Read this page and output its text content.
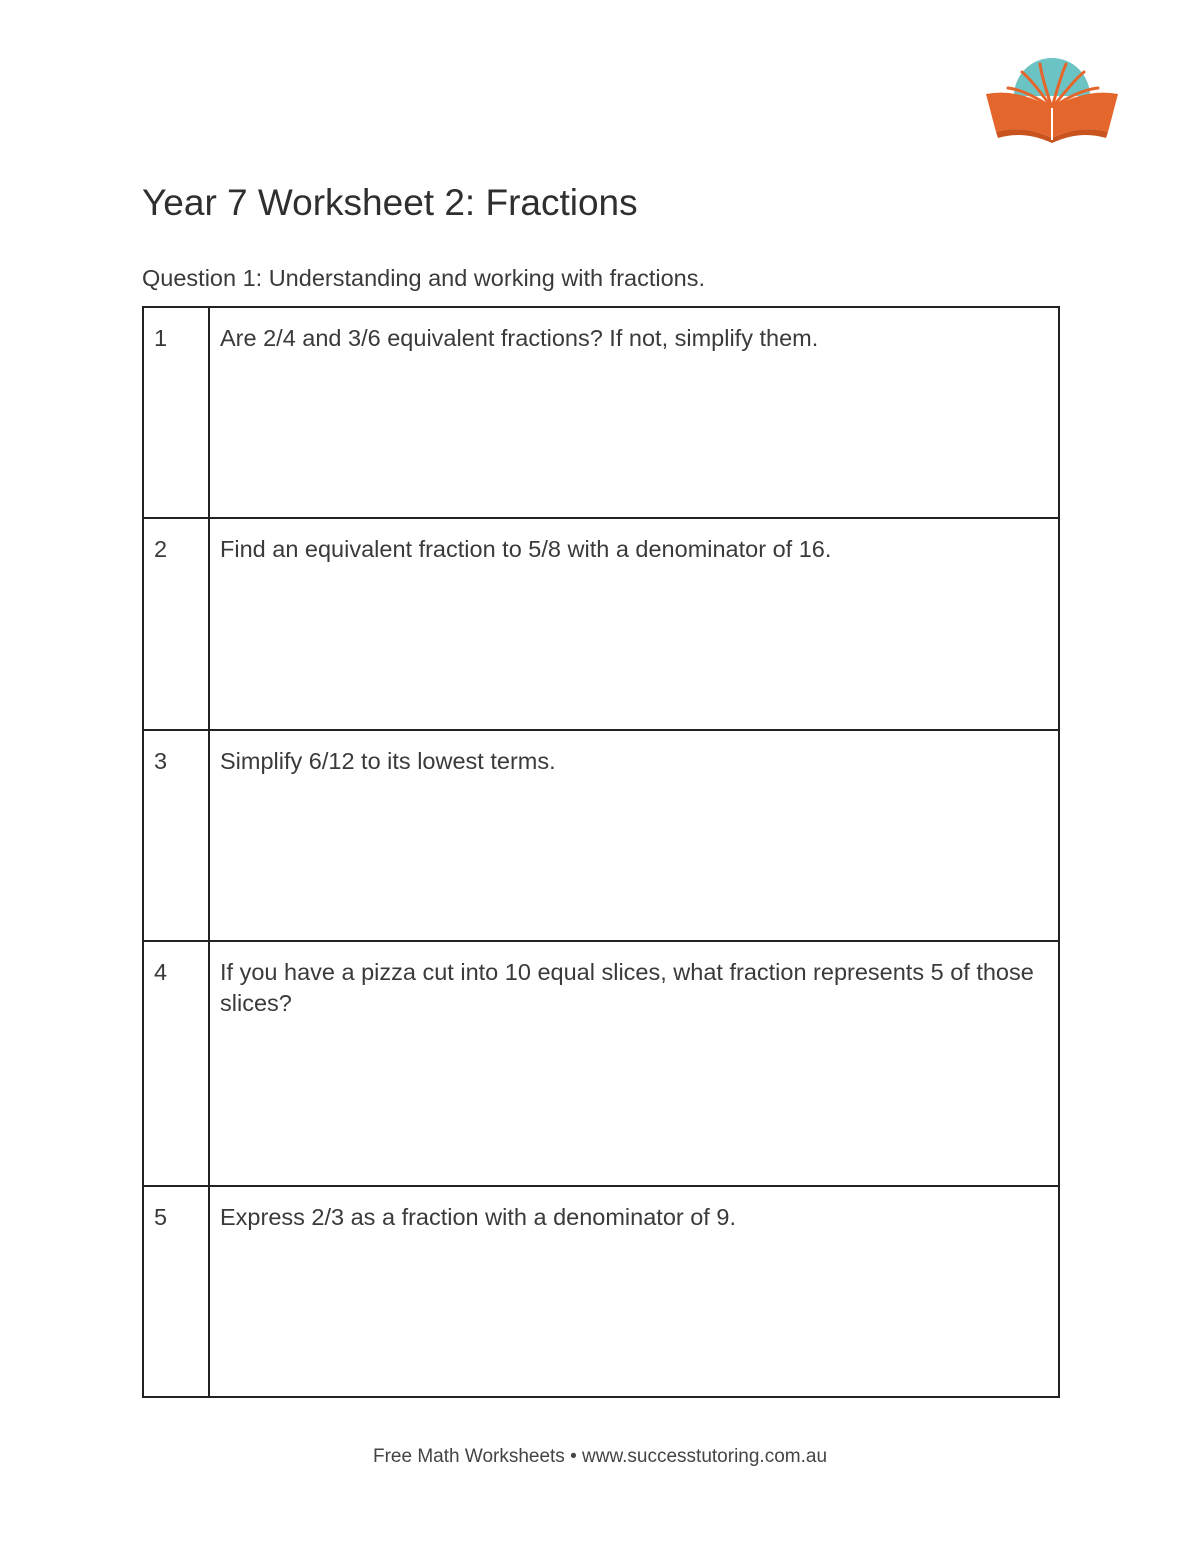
Year 7 Worksheet 2: Fractions

Question 1: Understanding and working with fractions.

1	Are 2/4 and 3/6 equivalent fractions? If not, simplify them.
2	Find an equivalent fraction to 5/8 with a denominator of 16.
3	Simplify 6/12 to its lowest terms.
4	If you have a pizza cut into 10 equal slices, what fraction represents 5 of those slices?
5	Express 2/3 as a fraction with a denominator of 9.
Free Math Worksheets • www.successtutoring.com.au
